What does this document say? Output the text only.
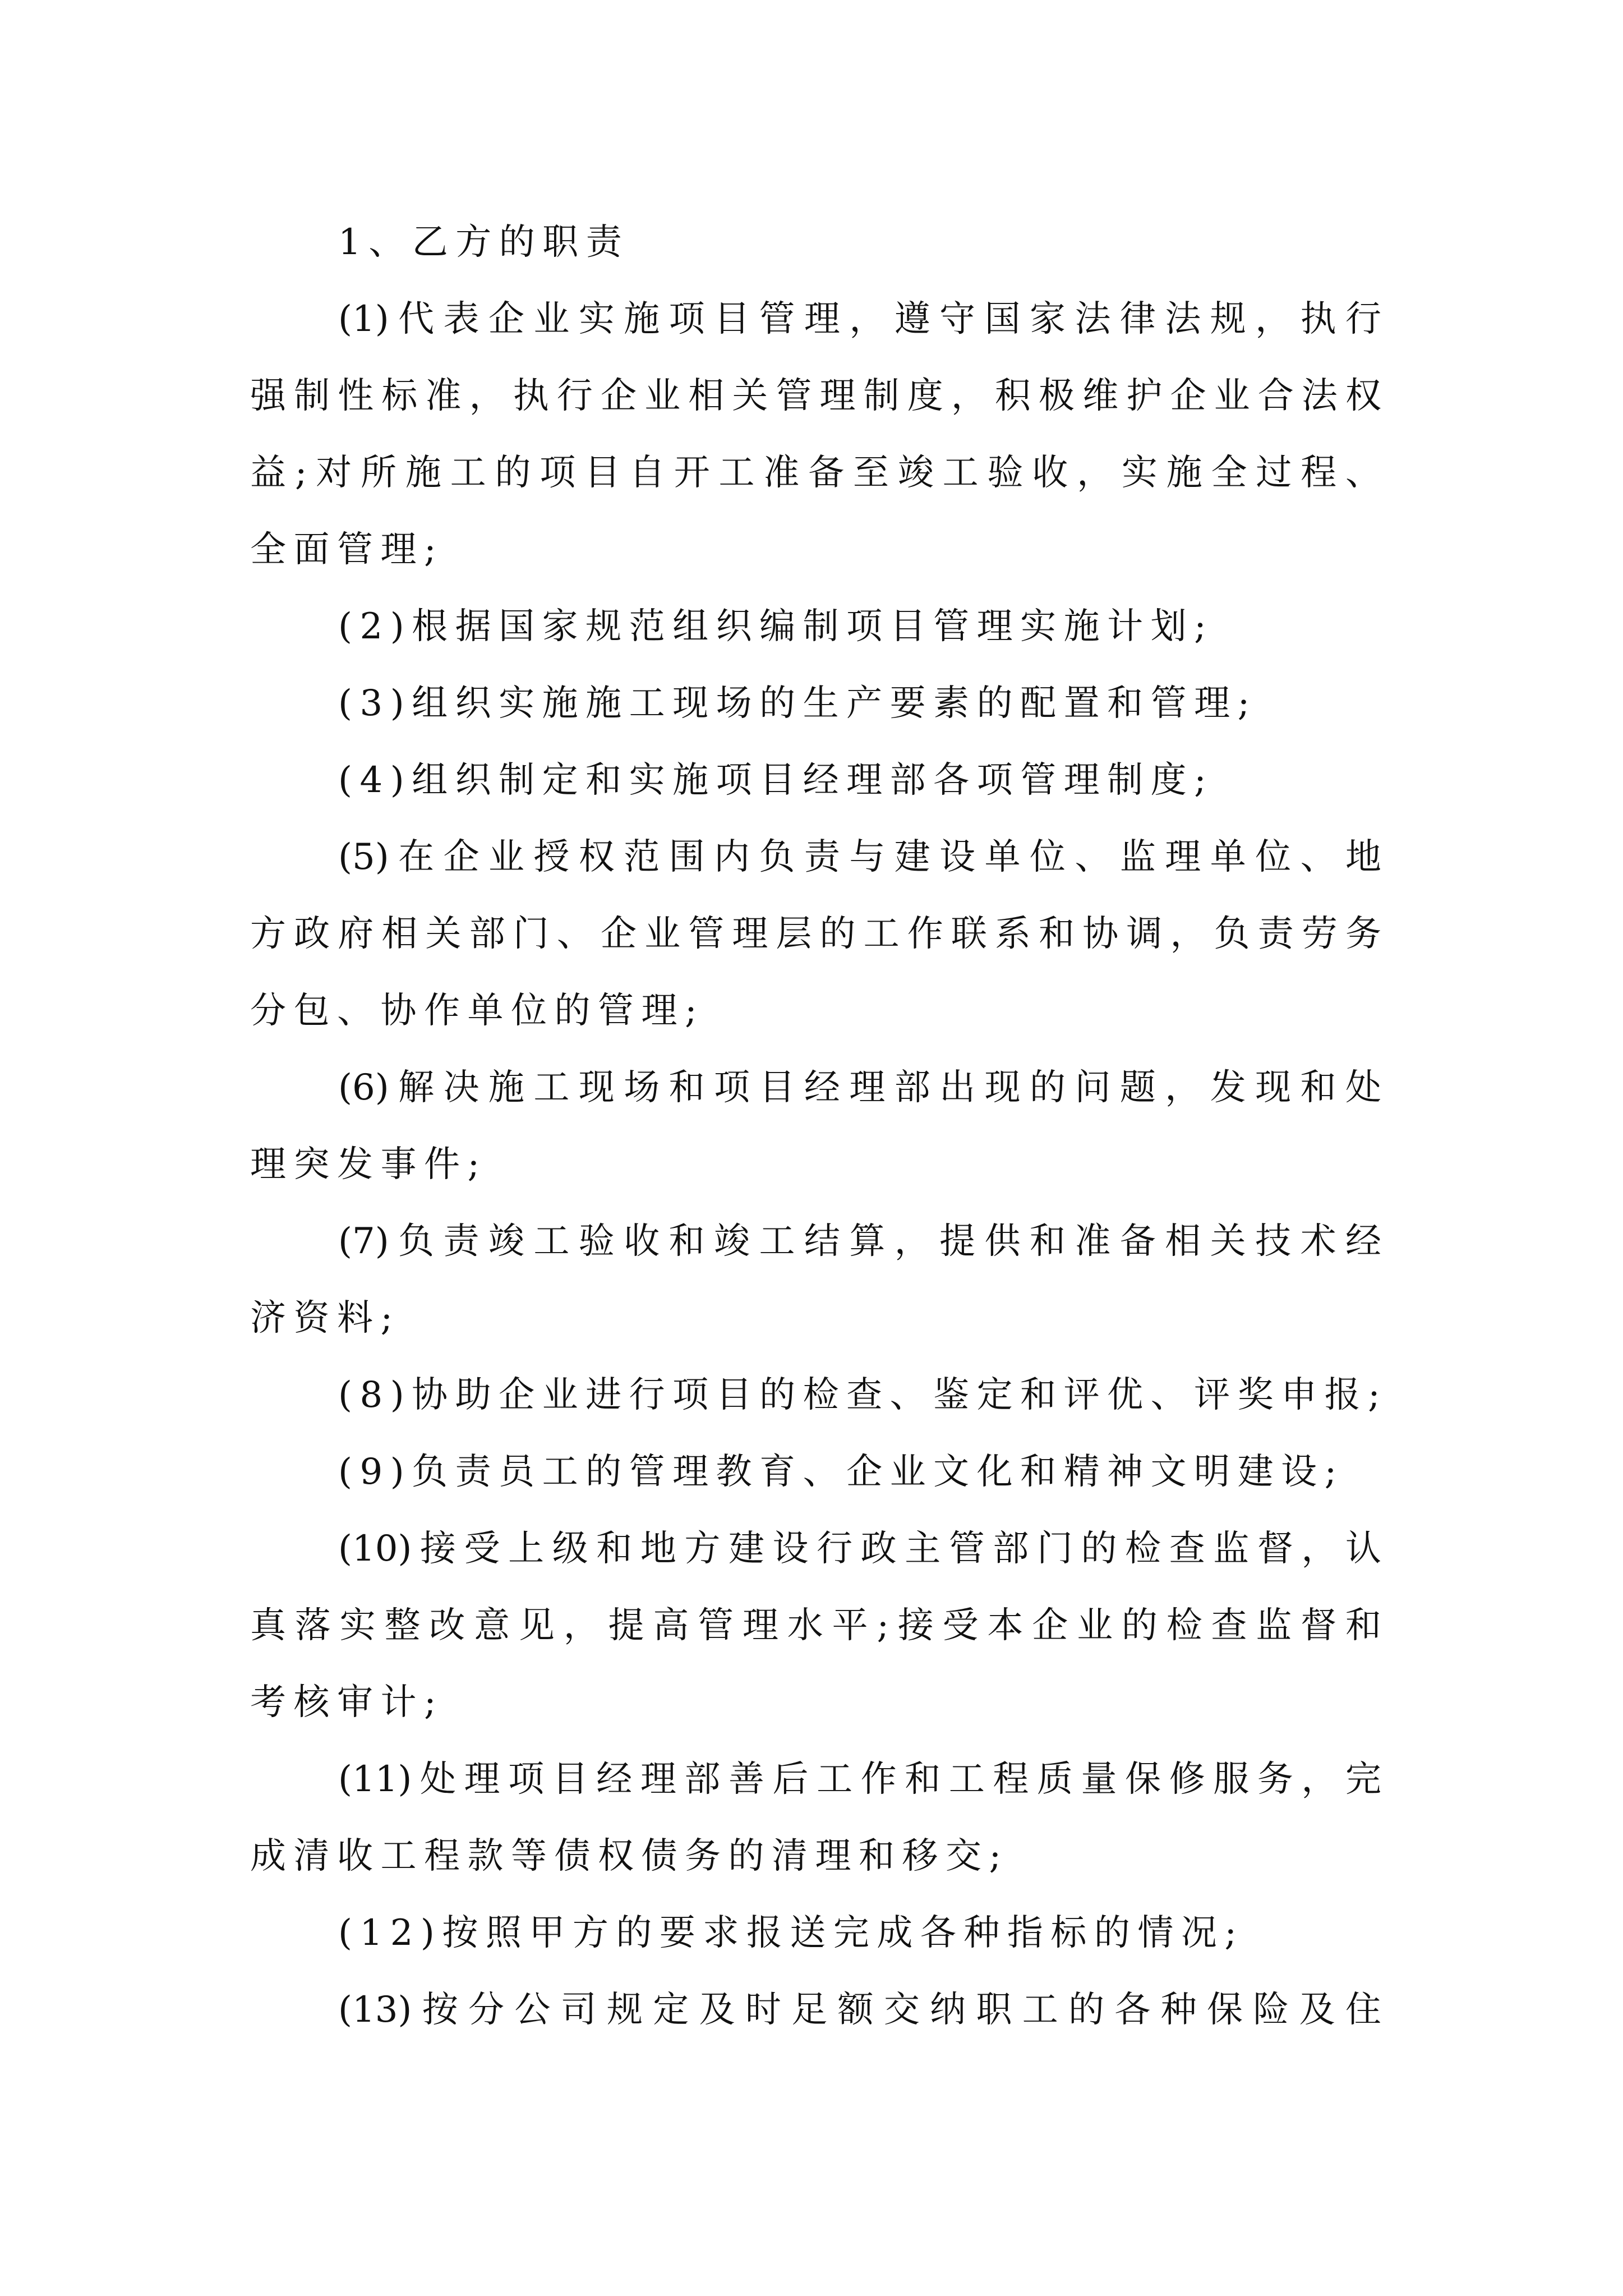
1、乙方的职责
(1)代表企业实施项目管理，遵守国家法律法规，执行
强制性标准，执行企业相关管理制度，积极维护企业合法权
益;对所施工的项目自开工准备至竣工验收，实施全过程、
全面管理;
(2)根据国家规范组织编制项目管理实施计划;
(3)组织实施施工现场的生产要素的配置和管理;
(4)组织制定和实施项目经理部各项管理制度;
(5)在企业授权范围内负责与建设单位、监理单位、地
方政府相关部门、企业管理层的工作联系和协调，负责劳务
分包、协作单位的管理;
(6)解决施工现场和项目经理部出现的问题，发现和处
理突发事件;
(7)负责竣工验收和竣工结算，提供和准备相关技术经
济资料;
(8)协助企业进行项目的检查、鉴定和评优、评奖申报;
(9)负责员工的管理教育、企业文化和精神文明建设;
(10)接受上级和地方建设行政主管部门的检查监督，认
真落实整改意见，提高管理水平;接受本企业的检查监督和
考核审计;
(11)处理项目经理部善后工作和工程质量保修服务，完
成清收工程款等债权债务的清理和移交;
(12)按照甲方的要求报送完成各种指标的情况;
(13)按分公司规定及时足额交纳职工的各种保险及住
